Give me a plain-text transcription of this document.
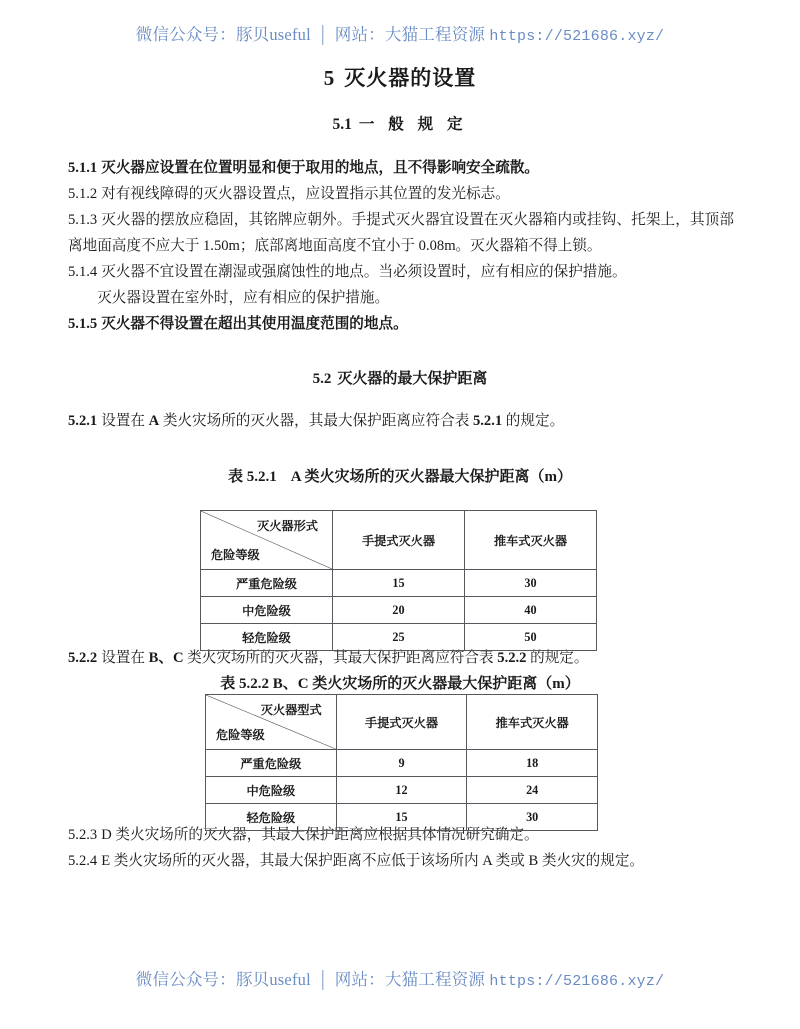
微信公众号：豚贝useful │ 网站：大猫工程资源 https://521686.xyz/
5 灭火器的设置
5.1 一 般 规 定

5.1.1 灭火器应设置在位置明显和便于取用的地点，且不得影响安全疏散。

5.1.2 对有视线障碍的灭火器设置点，应设置指示其位置的发光标志。

5.1.3 灭火器的摆放应稳固，其铭牌应朝外。手提式灭火器宜设置在灭火器箱内或挂钩、托架上，其顶部离地面高度不应大于 1.50m；底部离地面高度不宜小于 0.08m。灭火器箱不得上锁。

5.1.4 灭火器不宜设置在潮湿或强腐蚀性的地点。当必须设置时，应有相应的保护措施。

灭火器设置在室外时，应有相应的保护措施。

5.1.5 灭火器不得设置在超出其使用温度范围的地点。

5.2.1 设置在 A 类火灾场所的灭火器，其最大保护距离应符合表 5.2.1 的规定。

5.2.2 设置在 B、C 类火灾场所的灭火器，其最大保护距离应符合表 5.2.2 的规定。

5.2.3 D 类火灾场所的灭火器，其最大保护距离应根据具体情况研究确定。

5.2.4 E 类火灾场所的灭火器，其最大保护距离不应低于该场所内 A 类或 B 类火灾的规定。

5.2 灭火器的最大保护距离
表 5.2.1 A 类火灾场所的灭火器最大保护距离（m）
灭火器形式
危险等级	手提式灭火器	推车式灭火器
严重危险级	15	30
中危险级	20	40
轻危险级	25	50
表 5.2.2 B、C 类火灾场所的灭火器最大保护距离（m）
灭火器型式
危险等级	手提式灭火器	推车式灭火器
严重危险级	9	18
中危险级	12	24
轻危险级	15	30
微信公众号：豚贝useful │ 网站：大猫工程资源 https://521686.xyz/
